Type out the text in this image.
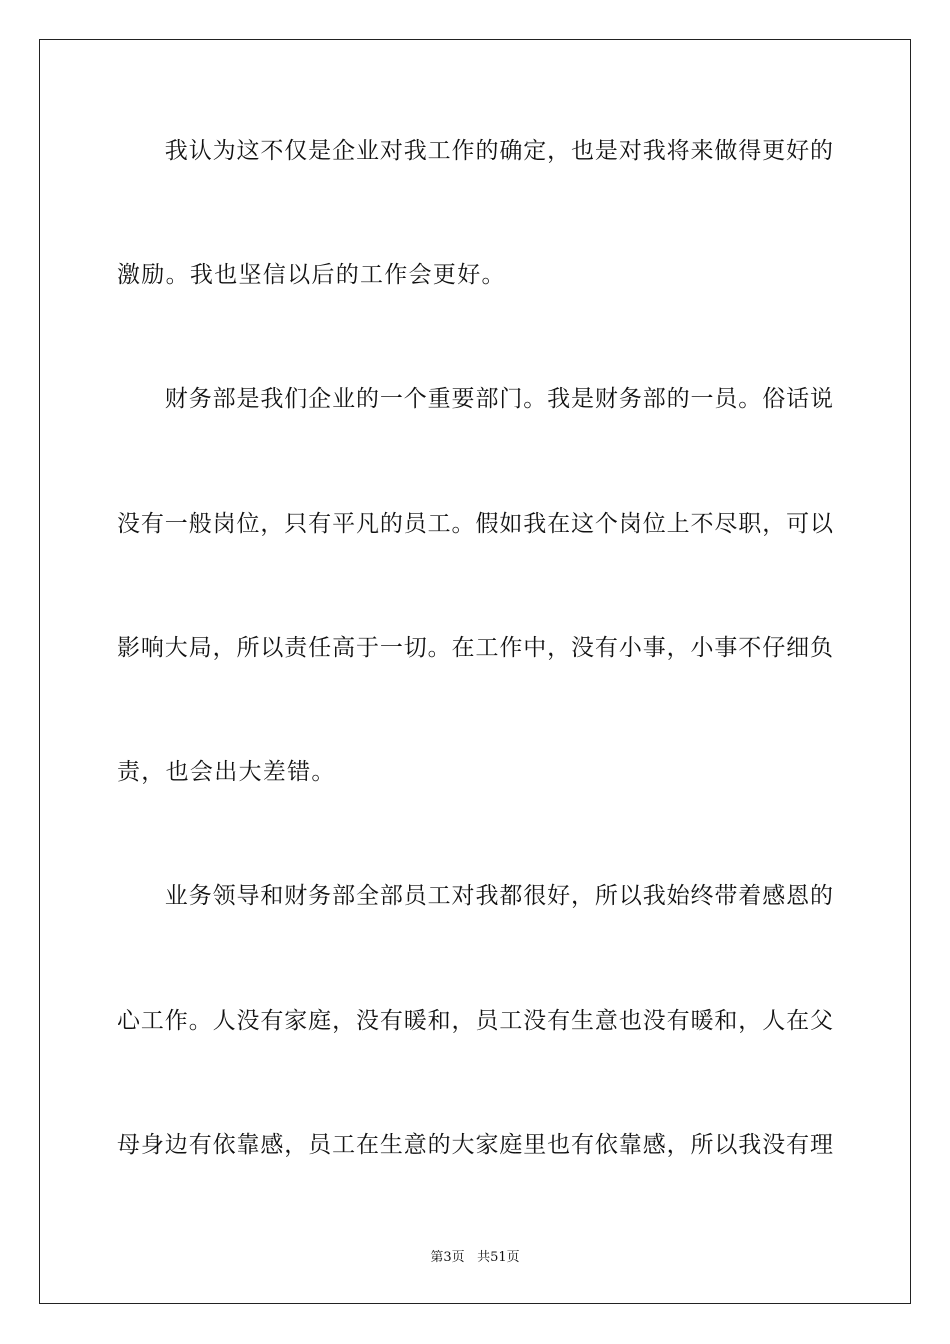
　　我认为这不仅是企业对我工作的确定，也是对我将来做得更好的
激励。我也坚信以后的工作会更好。
　　财务部是我们企业的一个重要部门。我是财务部的一员。俗话说
没有一般岗位，只有平凡的员工。假如我在这个岗位上不尽职，可以
影响大局，所以责任高于一切。在工作中，没有小事，小事不仔细负
责，也会出大差错。
　　业务领导和财务部全部员工对我都很好，所以我始终带着感恩的
心工作。人没有家庭，没有暖和，员工没有生意也没有暖和，人在父
母身边有依靠感，员工在生意的大家庭里也有依靠感，所以我没有理
第3页 共51页
